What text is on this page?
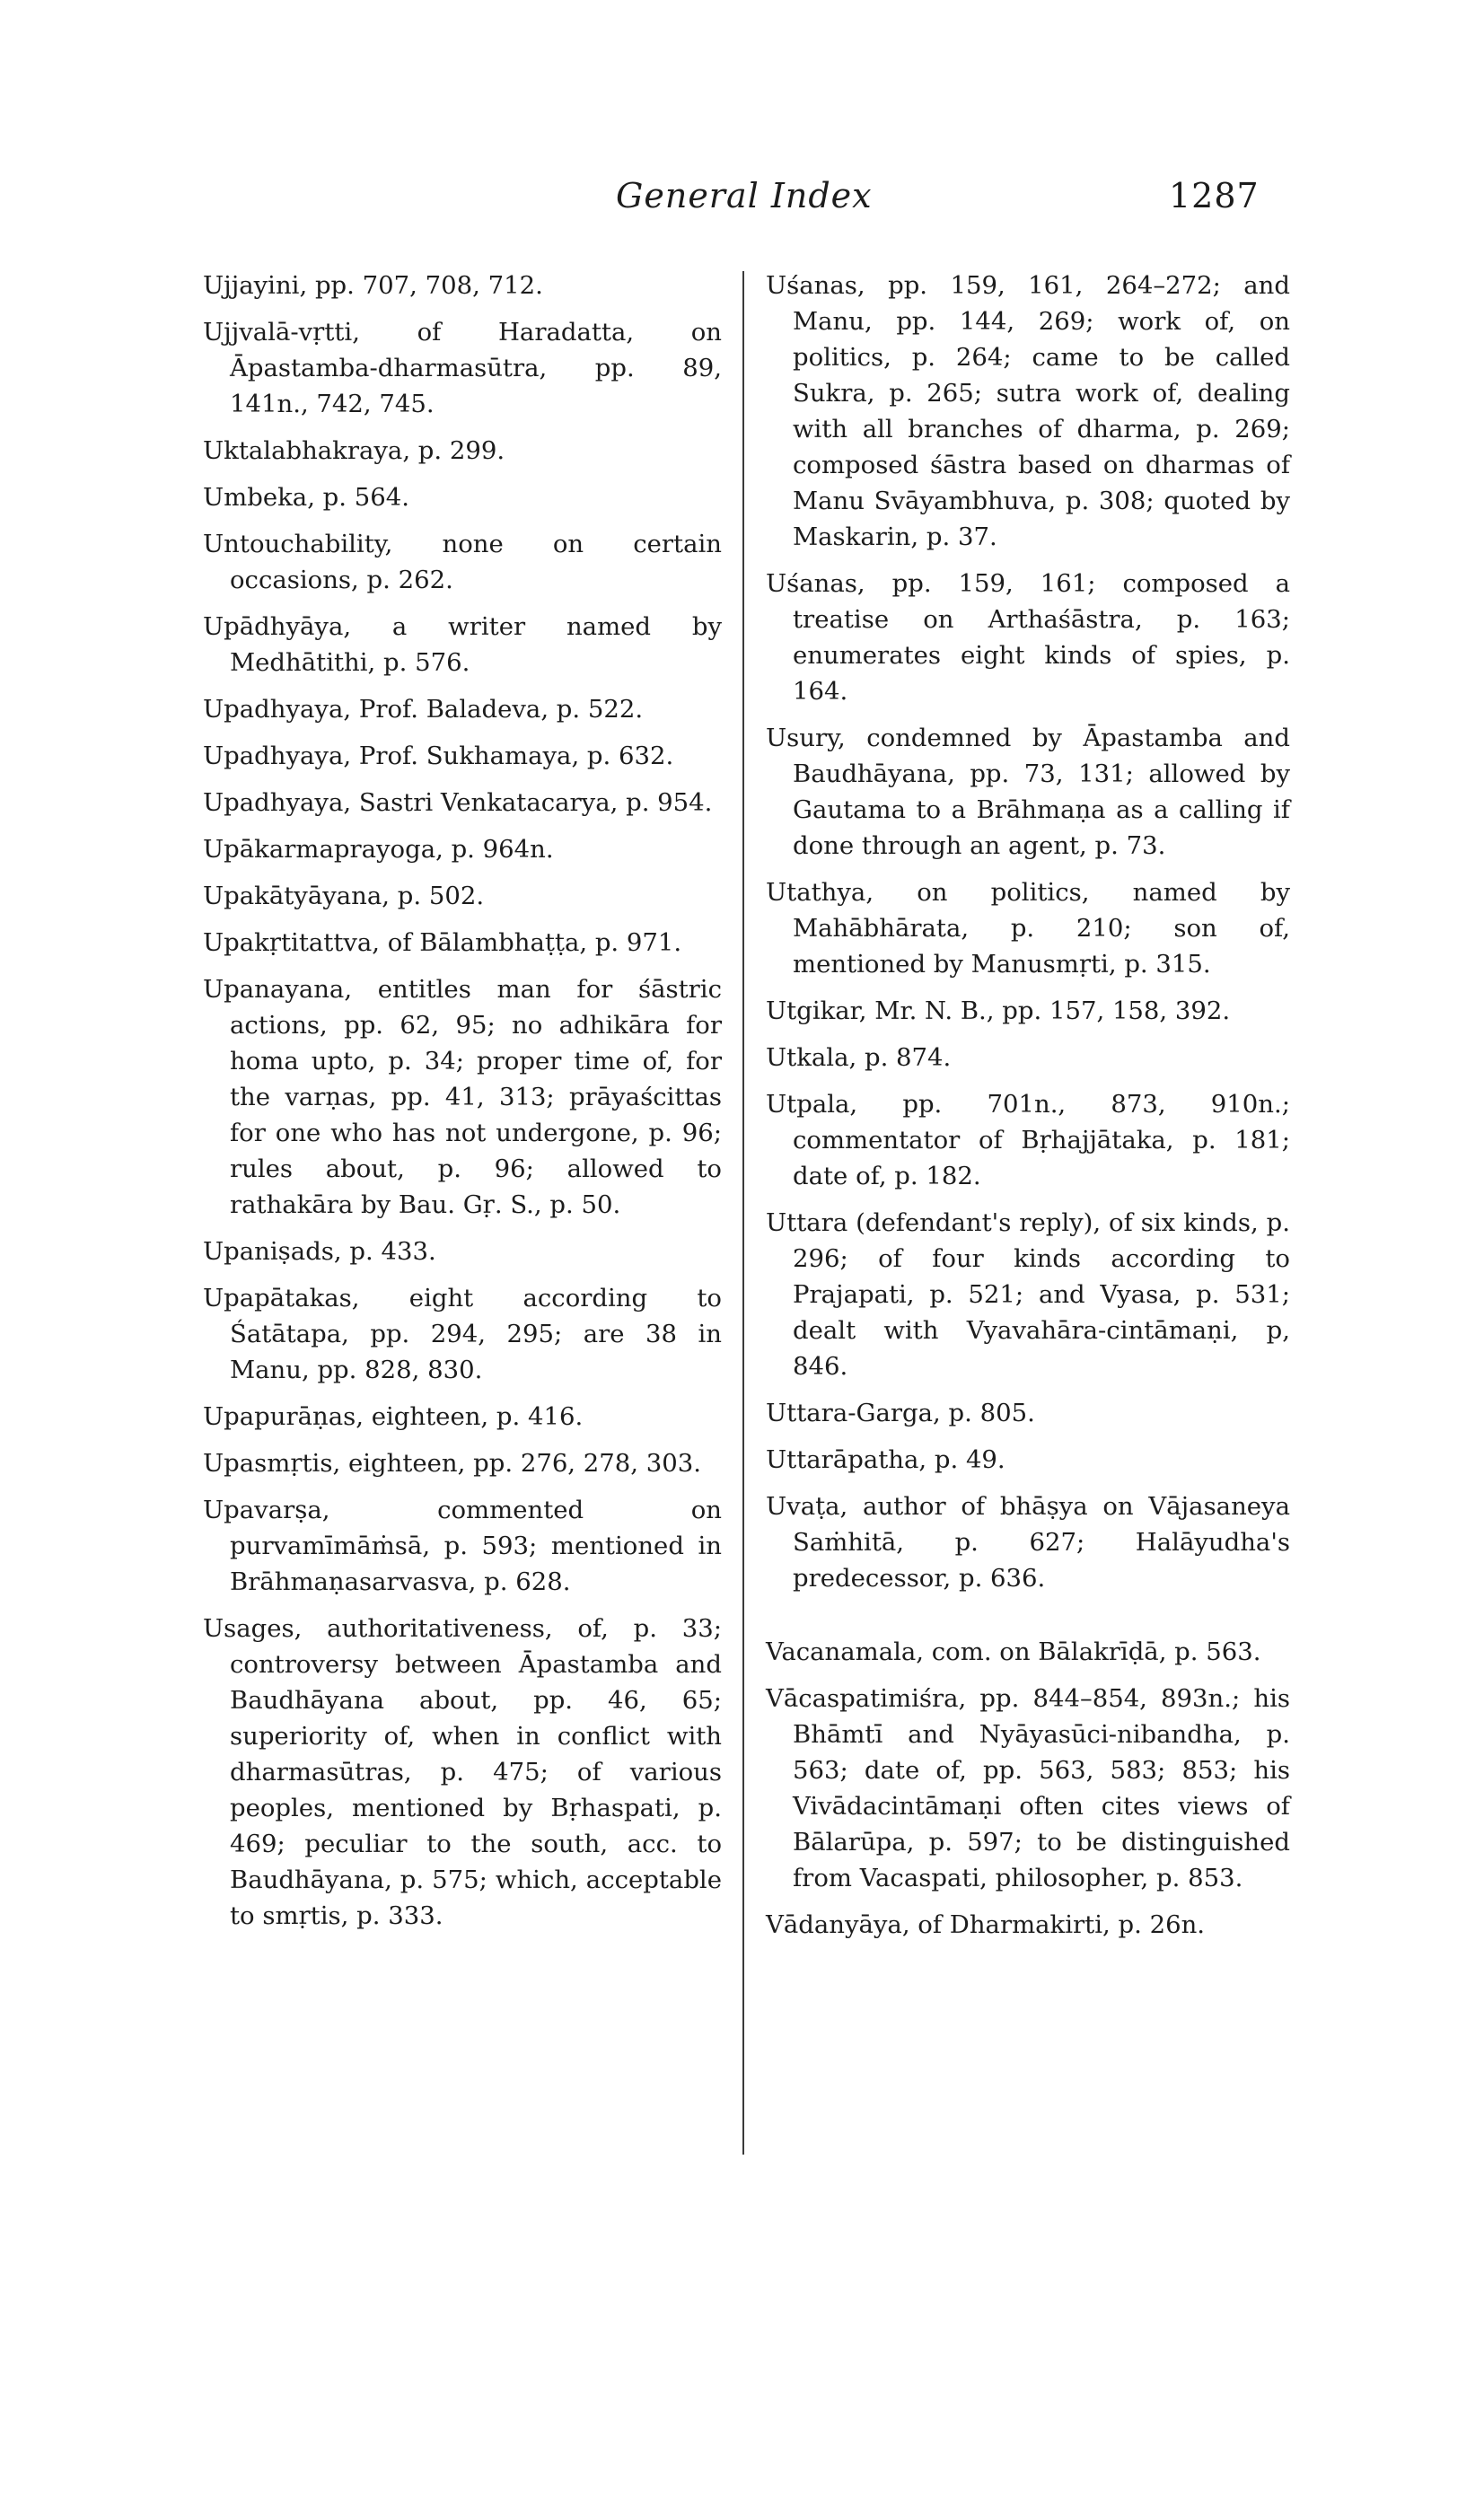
General Index	1287

Ujjayini, pp. 707, 708, 712.

Ujjvalā-vṛtti, of Haradatta, on Āpastamba-dharmasūtra, pp. 89, 141n., 742, 745.

Uktalabhakraya, p. 299.

Umbeka, p. 564.

Untouchability, none on certain occasions, p. 262.

Upādhyāya, a writer named by Medhātithi, p. 576.

Upadhyaya, Prof. Baladeva, p. 522.

Upadhyaya, Prof. Sukhamaya, p. 632.

Upadhyaya, Sastri Venkatacarya, p. 954.

Upākarmaprayoga, p. 964n.

Upakātyāyana, p. 502.

Upakṛtitattva, of Bālambhaṭṭa, p. 971.

Upanayana, entitles man for śāstric actions, pp. 62, 95; no adhikāra for homa upto, p. 34; proper time of, for the varṇas, pp. 41, 313; prāyaścittas for one who has not undergone, p. 96; rules about, p. 96; allowed to rathakāra by Bau. Gṛ. S., p. 50.

Upaniṣads, p. 433.

Upapātakas, eight according to Śatātapa, pp. 294, 295; are 38 in Manu, pp. 828, 830.

Upapurāṇas, eighteen, p. 416.

Upasmṛtis, eighteen, pp. 276, 278, 303.

Upavarṣa, commented on purvamīmāṁsā, p. 593; mentioned in Brāhmaṇasarvasva, p. 628.

Usages, authoritativeness, of, p. 33; controversy between Āpastamba and Baudhāyana about, pp. 46, 65; superiority of, when in conflict with dharmasūtras, p. 475; of various peoples, mentioned by Bṛhaspati, p. 469; peculiar to the south, acc. to Baudhāyana, p. 575; which, acceptable to smṛtis, p. 333.

Uśanas, pp. 159, 161, 264–272; and Manu, pp. 144, 269; work of, on politics, p. 264; came to be called Sukra, p. 265; sutra work of, dealing with all branches of dharma, p. 269; composed śāstra based on dharmas of Manu Svāyambhuva, p. 308; quoted by Maskarin, p. 37.

Uśanas, pp. 159, 161; composed a treatise on Arthaśāstra, p. 163; enumerates eight kinds of spies, p. 164.

Usury, condemned by Āpastamba and Baudhāyana, pp. 73, 131; allowed by Gautama to a Brāhmaṇa as a calling if done through an agent, p. 73.

Utathya, on politics, named by Mahābhārata, p. 210; son of, mentioned by Manusmṛti, p. 315.

Utgikar, Mr. N. B., pp. 157, 158, 392.

Utkala, p. 874.

Utpala, pp. 701n., 873, 910n.; commentator of Bṛhajjātaka, p. 181; date of, p. 182.

Uttara (defendant's reply), of six kinds, p. 296; of four kinds according to Prajapati, p. 521; and Vyasa, p. 531; dealt with Vyavahāra-cintāmaṇi, p, 846.

Uttara-Garga, p. 805.

Uttarāpatha, p. 49.

Uvaṭa, author of bhāṣya on Vājasaneya Saṁhitā, p. 627; Halāyudha's predecessor, p. 636.

Vacanamala, com. on Bālakrīḍā, p. 563.

Vācaspatimiśra, pp. 844–854, 893n.; his Bhāmtī and Nyāyasūci-nibandha, p. 563; date of, pp. 563, 583; 853; his Vivādacintāmaṇi often cites views of Bālarūpa, p. 597; to be distinguished from Vacaspati, philosopher, p. 853.

Vādanyāya, of Dharmakirti, p. 26n.
